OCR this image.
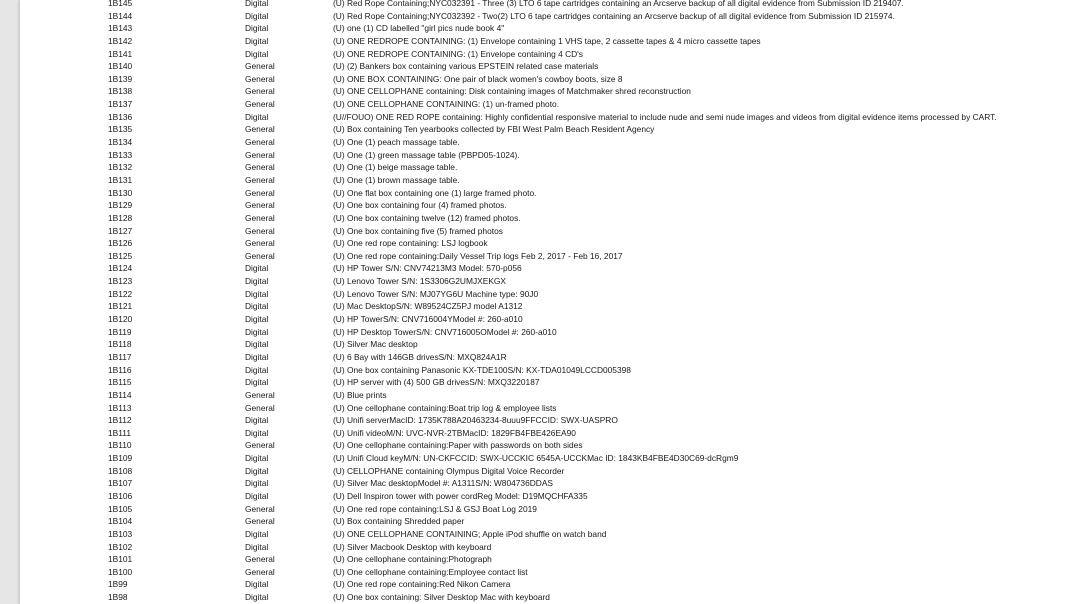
1B145	Digital	(U) Red Rope Containing;NYC032391 - Three (3) LTO 6 tape cartridges containing an Arcserve backup of all digital evidence from Submission ID 219407.
1B144	Digital	(U) Red Rope Containing;NYC032392 - Two(2) LTO 6 tape cartridges containing an Arcserve backup of all digital evidence from Submission ID 215974.
1B143	Digital	(U) one (1) CD labelled "girl pics nude book 4"
1B142	Digital	(U) ONE REDROPE CONTAINING: (1) Envelope containing 1 VHS tape, 2 cassette tapes & 4 micro cassette tapes
1B141	Digital	(U) ONE REDROPE CONTAINING: (1) Envelope containing 4 CD's
1B140	General	(U) (2) Bankers box containing various EPSTEIN related case materials
1B139	General	(U) ONE BOX CONTAINING: One pair of black women's cowboy boots, size 8
1B138	General	(U) ONE CELLOPHANE containing: Disk containing images of Matchmaker shred reconstruction
1B137	General	(U) ONE CELLOPHANE CONTAINING: (1) un-framed photo.
1B136	Digital	(U//FOUO) ONE RED ROPE containing: Highly confidential responsive material to include nude and semi nude images and videos from digital evidence items processed by CART.
1B135	General	(U) Box containing Ten yearbooks collected by FBI West Palm Beach Resident Agency
1B134	General	(U) One (1) peach massage table.
1B133	General	(U) One (1) green massage table (PBPD05-1024).
1B132	General	(U) One (1) beige massage table.
1B131	General	(U) One (1) brown massage table.
1B130	General	(U) One flat box containing one (1) large framed photo.
1B129	General	(U) One box containing four (4) framed photos.
1B128	General	(U) One box containing twelve (12) framed photos.
1B127	General	(U) One box containing five (5) framed photos
1B126	General	(U) One red rope containing: LSJ logbook
1B125	General	(U) One red rope containing:Daily Vessel Trip logs Feb 2, 2017 - Feb 16, 2017
1B124	Digital	(U) HP Tower S/N: CNV74213M3 Model: 570-p056
1B123	Digital	(U) Lenovo Tower S/N: 1S3306G2UMJXEKGX
1B122	Digital	(U) Lenovo Tower S/N: MJ07YG6U Machine type: 90J0
1B121	Digital	(U) Mac DesktopS/N: W89524CZ5PJ model A1312
1B120	Digital	(U) HP TowerS/N: CNV716004YModel #: 260-a010
1B119	Digital	(U) HP Desktop TowerS/N: CNV716005OModel #: 260-a010
1B118	Digital	(U) Silver Mac desktop
1B117	Digital	(U) 6 Bay with 146GB drivesS/N: MXQ824A1R
1B116	Digital	(U) One box containing Panasonic KX-TDE100S/N: KX-TDA01049LCCD005398
1B115	Digital	(U) HP server with (4) 500 GB drivesS/N: MXQ3220187
1B114	General	(U) Blue prints
1B113	General	(U) One cellophane containing:Boat trip log & employee lists
1B112	Digital	(U) Unifi serverMacID: 1735K788A20463234-8uuu9FFCCID: SWX-UASPRO
1B111	Digital	(U) Unifi videoM/N: UVC-NVR-2TBMacID: 1829FB4FBE426EA90
1B110	General	(U) One cellophane containing:Paper with passwords on both sides
1B109	Digital	(U) Unifi Cloud keyM/N: UN-CKFCCID: SWX-UCCKIC 6545A-UCCKMac ID: 1843KB4FBE4D30C69-dcRgm9
1B108	Digital	(U) CELLOPHANE containing Olympus Digital Voice Recorder
1B107	Digital	(U) Silver Mac desktopModel #: A1311S/N: W804736DDAS
1B106	Digital	(U) Dell Inspiron tower with power cordReg Model: D19MQCHFA335
1B105	General	(U) One red rope containing:LSJ & GSJ Boat Log 2019
1B104	General	(U) Box containing Shredded paper
1B103	Digital	(U) ONE CELLOPHANE CONTAINING; Apple iPod shuffle on watch band
1B102	Digital	(U) Silver Macbook Desktop with keyboard
1B101	General	(U) One cellophane containing:Photograph
1B100	General	(U) One cellophane containing:Employee contact list
1B99	Digital	(U) One red rope containing:Red Nikon Camera
1B98	Digital	(U) One box containing: Silver Desktop Mac with keyboard
